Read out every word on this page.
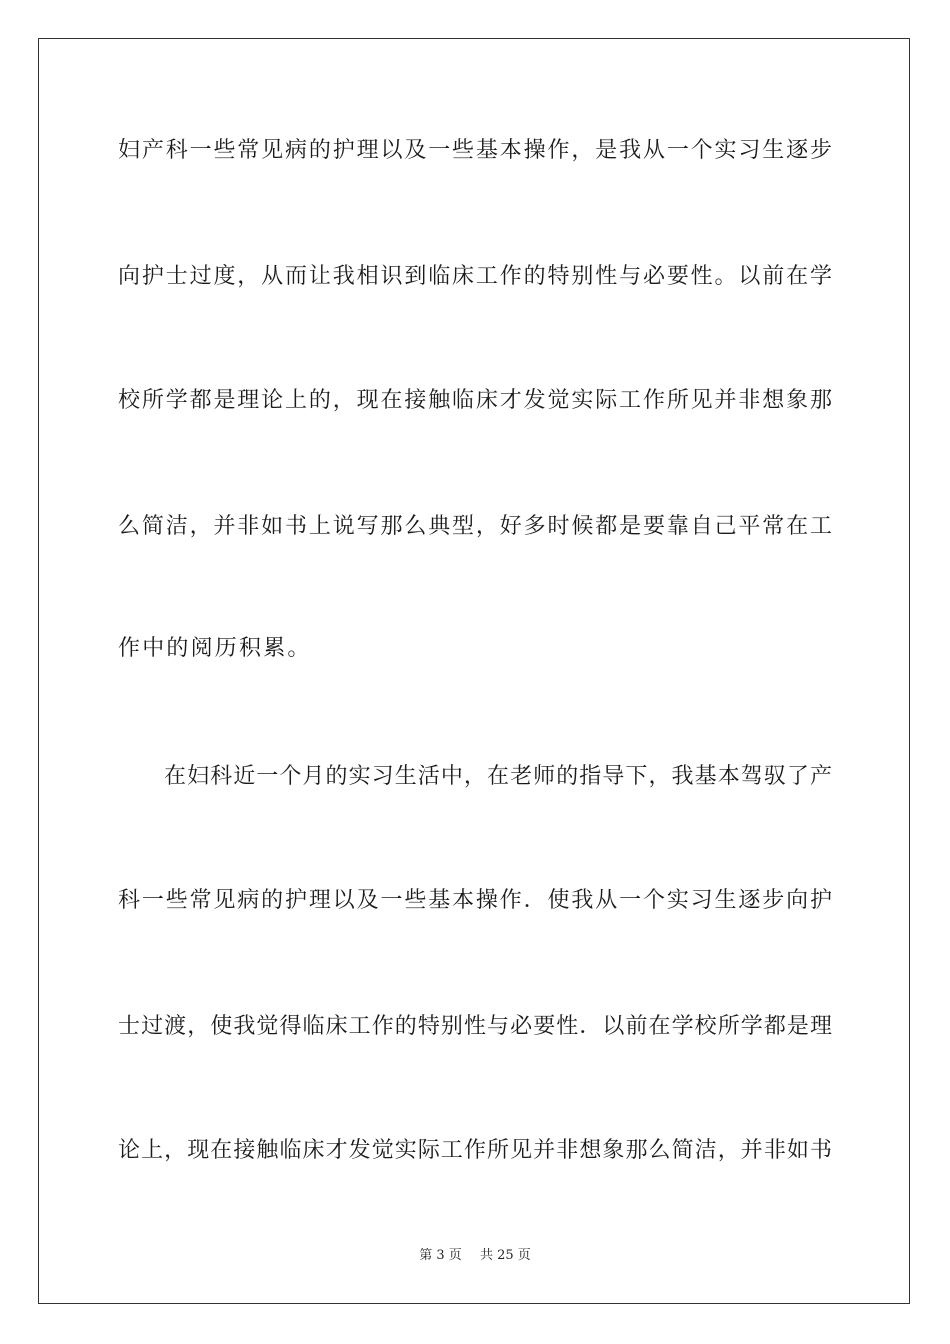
妇产科一些常见病的护理以及一些基本操作，是我从一个实习生逐步
向护士过度，从而让我相识到临床工作的特别性与必要性。以前在学
校所学都是理论上的，现在接触临床才发觉实际工作所见并非想象那
么简洁，并非如书上说写那么典型，好多时候都是要靠自己平常在工
作中的阅历积累。
在妇科近一个月的实习生活中，在老师的指导下，我基本驾驭了产
科一些常见病的护理以及一些基本操作．使我从一个实习生逐步向护
士过渡，使我觉得临床工作的特别性与必要性．以前在学校所学都是理
论上，现在接触临床才发觉实际工作所见并非想象那么简洁，并非如书
第 3 页 共 25 页
